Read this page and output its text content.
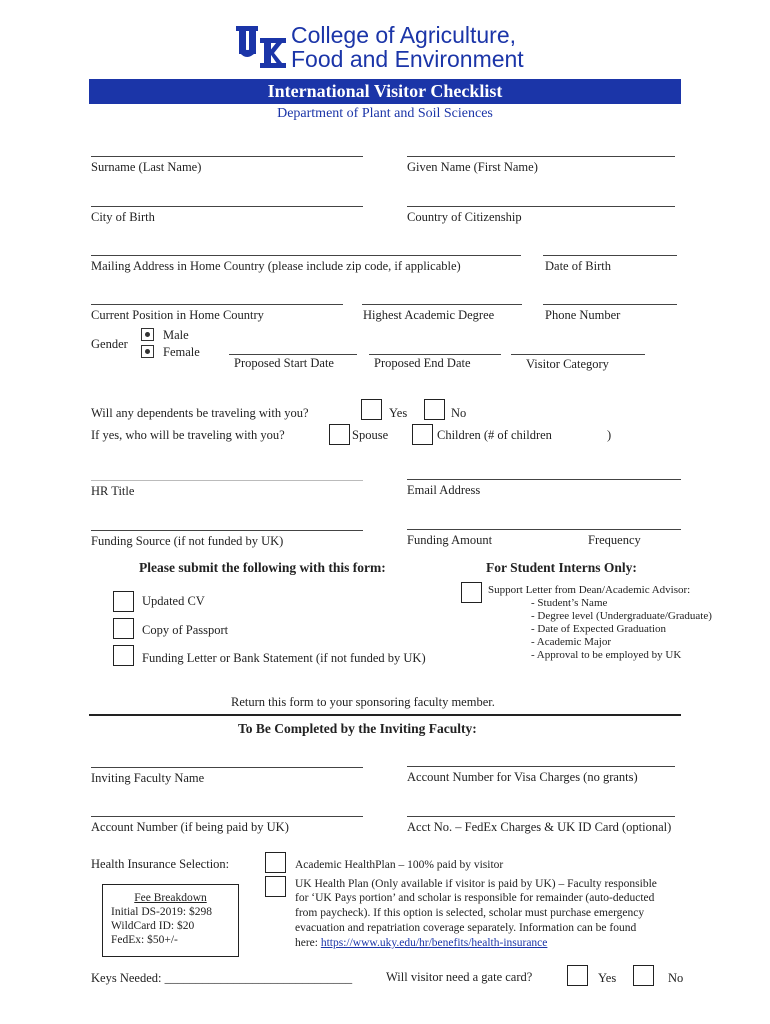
College of Agriculture,
Food and Environment
International Visitor Checklist
Department of Plant and Soil Sciences
Surname (Last Name)	Given Name (First Name)
City of Birth	Country of Citizenship
Mailing Address in Home Country (please include zip code, if applicable)	Date of Birth
Current Position in Home Country	Highest Academic Degree	Phone Number
Gender
Male
Female
Proposed Start Date	Proposed End Date	Visitor Category
Will any dependents be traveling with you?	Yes	No
If yes, who will be traveling with you?	Spouse	Children (# of children	)
HR Title	Email Address
Funding Source (if not funded by UK)	Funding Amount	Frequency
Please submit the following with this form:
Updated CV
Copy of Passport
Funding Letter or Bank Statement (if not funded by UK)
For Student Interns Only:
Support Letter from Dean/Academic Advisor:
- Student’s Name
- Degree level (Undergraduate/Graduate)
- Date of Expected Graduation
- Academic Major
- Approval to be employed by UK
Return this form to your sponsoring faculty member.
To Be Completed by the Inviting Faculty:
Inviting Faculty Name	Account Number for Visa Charges (no grants)
Account Number (if being paid by UK)	Acct No. – FedEx Charges & UK ID Card (optional)
Health Insurance Selection:	Academic HealthPlan – 100% paid by visitor
UK Health Plan (Only available if visitor is paid by UK) – Faculty responsible
for ‘UK Pays portion’ and scholar is responsible for remainder (auto-deducted
from paycheck). If this option is selected, scholar must purchase emergency
evacuation and repatriation coverage separately. Information can be found
here: https://www.uky.edu/hr/benefits/health-insurance
Fee Breakdown
Initial DS-2019: $298
WildCard ID: $20
FedEx: $50+/-
Keys Needed: ______________________________	Will visitor need a gate card?	Yes	No
